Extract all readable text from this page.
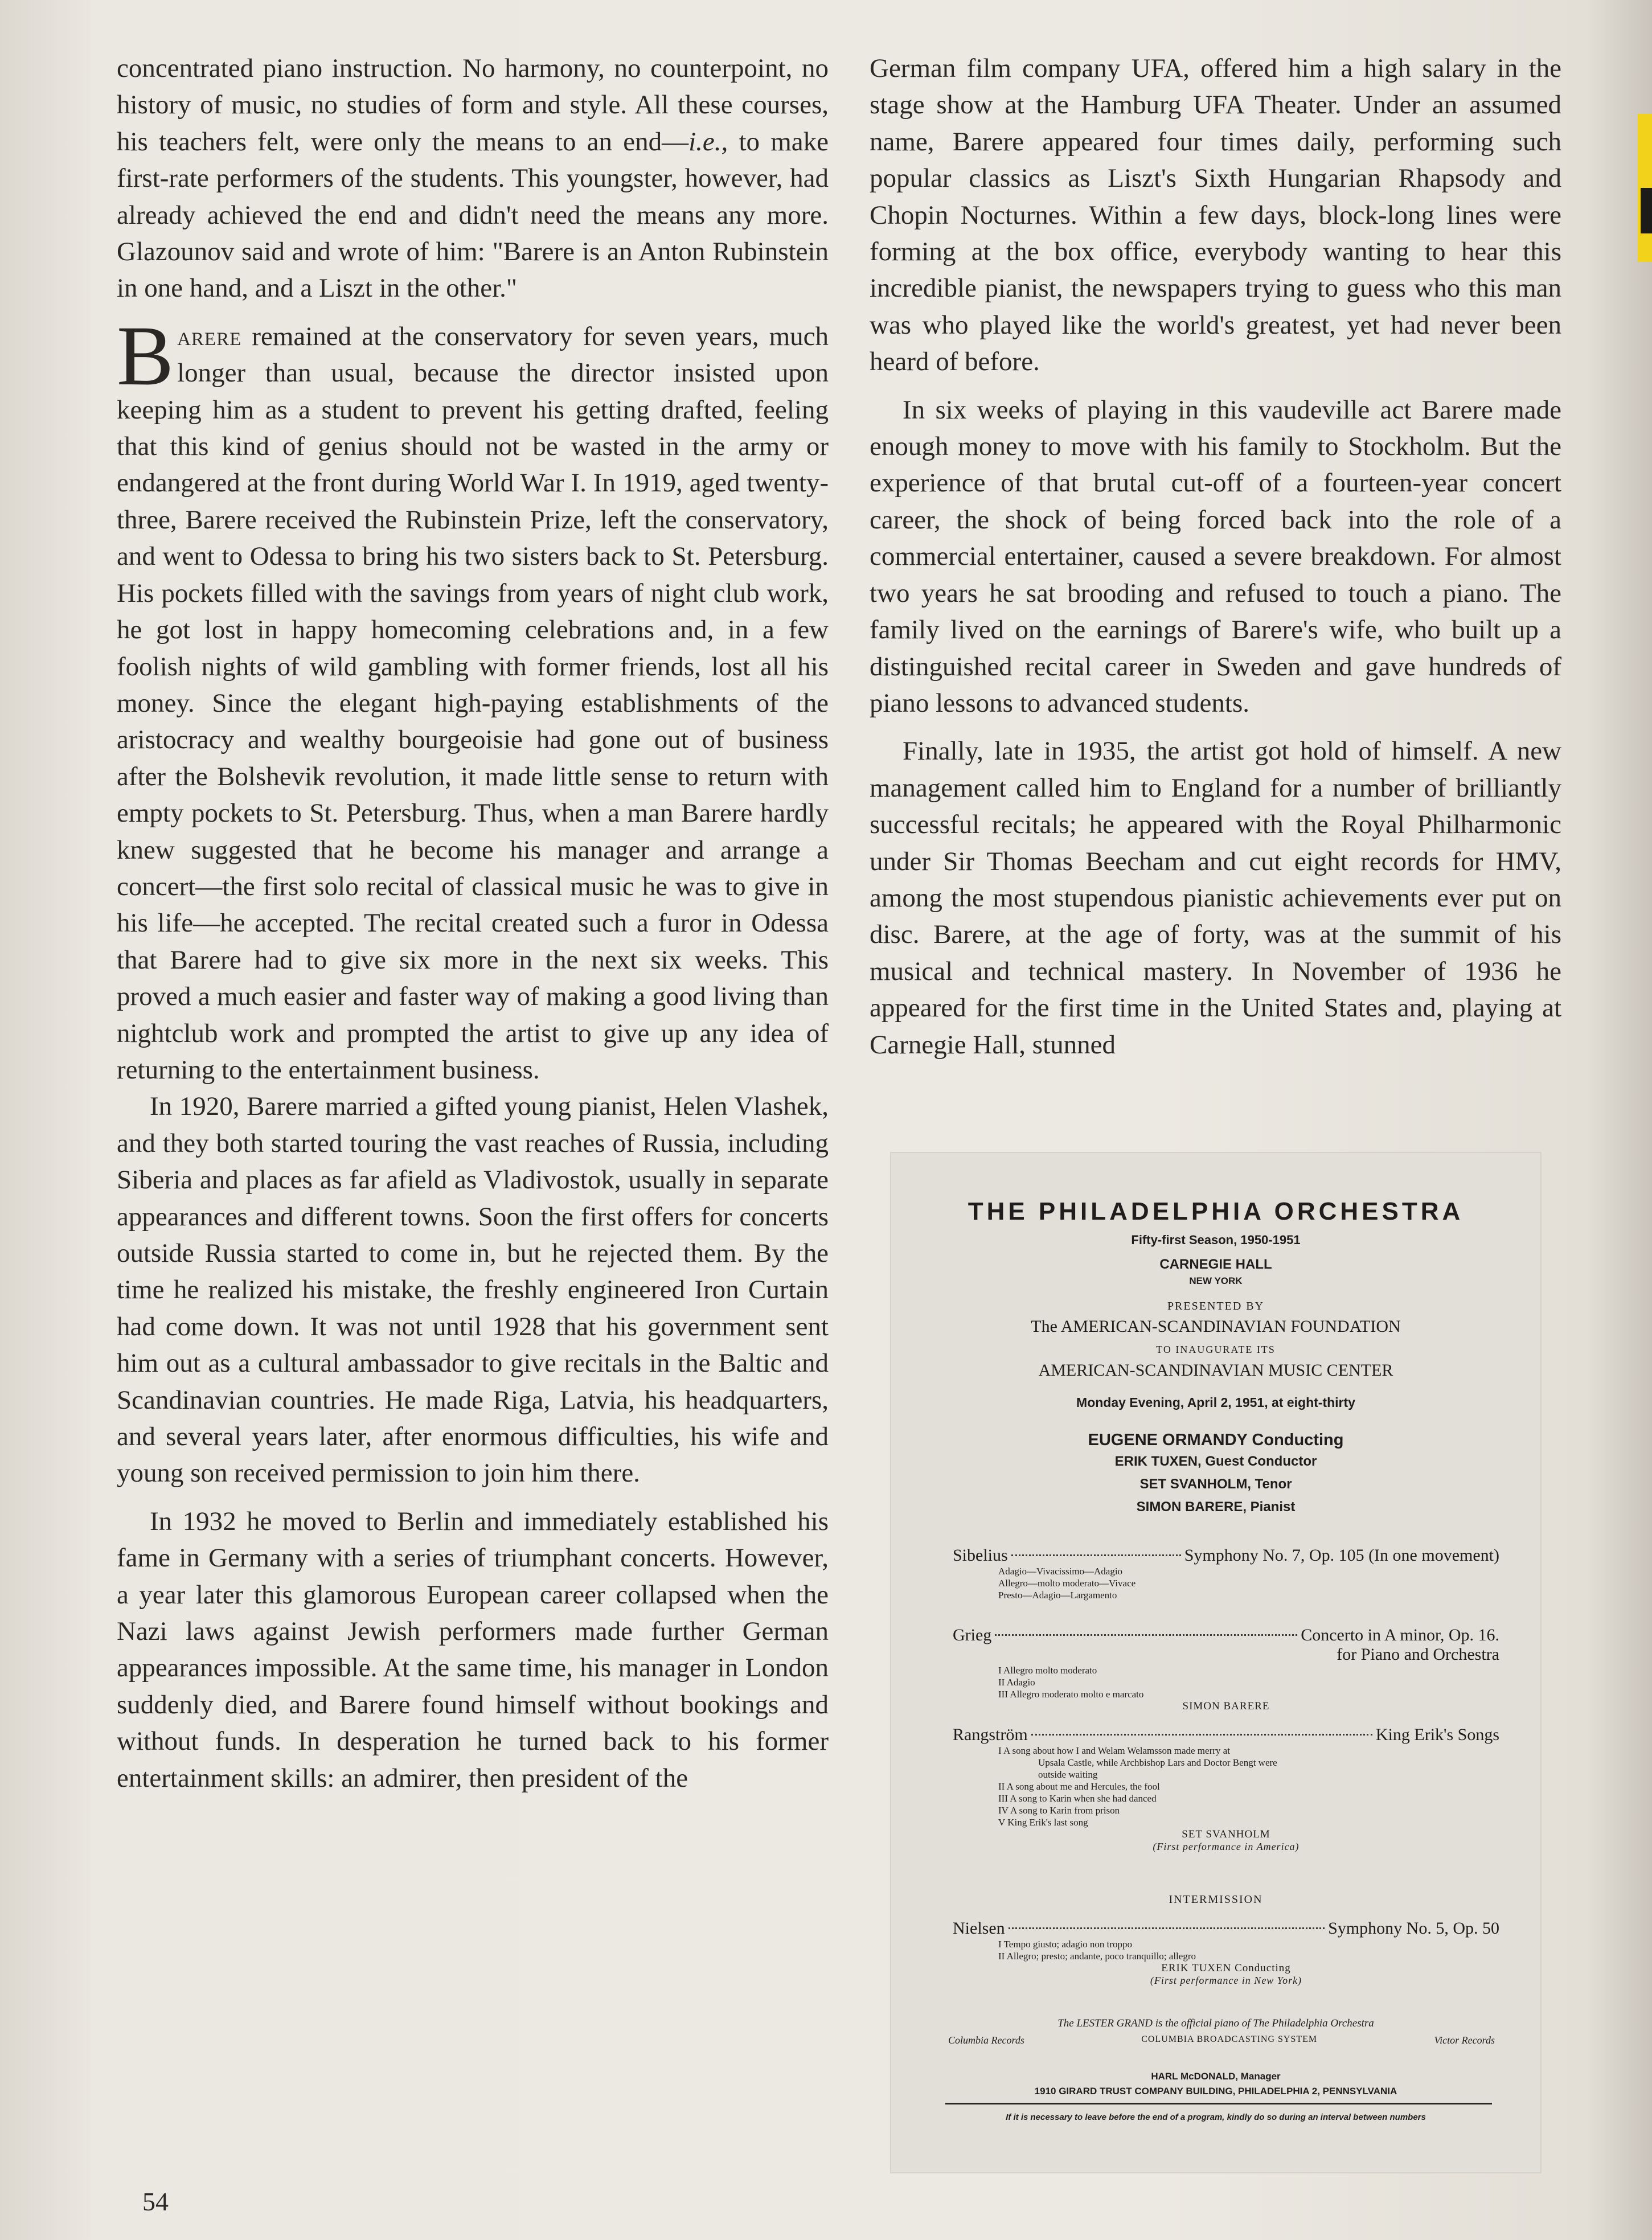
concentrated piano instruction. No harmony, no counterpoint, no history of music, no studies of form and style. All these courses, his teachers felt, were only the means to an end—i.e., to make first-rate performers of the students. This youngster, however, had already achieved the end and didn't need the means any more. Glazounov said and wrote of him: "Barere is an Anton Rubinstein in one hand, and a Liszt in the other."

Barere remained at the conservatory for seven years, much longer than usual, because the director insisted upon keeping him as a student to prevent his getting drafted, feeling that this kind of genius should not be wasted in the army or endangered at the front during World War I. In 1919, aged twenty-three, Barere received the Rubinstein Prize, left the conservatory, and went to Odessa to bring his two sisters back to St. Petersburg. His pockets filled with the savings from years of night club work, he got lost in happy homecoming celebrations and, in a few foolish nights of wild gambling with former friends, lost all his money. Since the elegant high-paying establishments of the aristocracy and wealthy bourgeoisie had gone out of business after the Bolshevik revolution, it made little sense to return with empty pockets to St. Petersburg. Thus, when a man Barere hardly knew suggested that he become his manager and arrange a concert—the first solo recital of classical music he was to give in his life—he accepted. The recital created such a furor in Odessa that Barere had to give six more in the next six weeks. This proved a much easier and faster way of making a good living than nightclub work and prompted the artist to give up any idea of returning to the entertainment business.

In 1920, Barere married a gifted young pianist, Helen Vlashek, and they both started touring the vast reaches of Russia, including Siberia and places as far afield as Vladivostok, usually in separate appearances and different towns. Soon the first offers for concerts outside Russia started to come in, but he rejected them. By the time he realized his mistake, the freshly engineered Iron Curtain had come down. It was not until 1928 that his government sent him out as a cultural ambassador to give recitals in the Baltic and Scandinavian countries. He made Riga, Latvia, his headquarters, and several years later, after enormous difficulties, his wife and young son received permission to join him there.

In 1932 he moved to Berlin and immediately established his fame in Germany with a series of triumphant concerts. However, a year later this glamorous European career collapsed when the Nazi laws against Jewish performers made further German appearances impossible. At the same time, his manager in London suddenly died, and Barere found himself without bookings and without funds. In desperation he turned back to his former entertainment skills: an admirer, then president of the

German film company UFA, offered him a high salary in the stage show at the Hamburg UFA Theater. Under an assumed name, Barere appeared four times daily, performing such popular classics as Liszt's Sixth Hungarian Rhapsody and Chopin Nocturnes. Within a few days, block-long lines were forming at the box office, everybody wanting to hear this incredible pianist, the newspapers trying to guess who this man was who played like the world's greatest, yet had never been heard of before.

In six weeks of playing in this vaudeville act Barere made enough money to move with his family to Stockholm. But the experience of that brutal cut-off of a fourteen-year concert career, the shock of being forced back into the role of a commercial entertainer, caused a severe breakdown. For almost two years he sat brooding and refused to touch a piano. The family lived on the earnings of Barere's wife, who built up a distinguished recital career in Sweden and gave hundreds of piano lessons to advanced students.

Finally, late in 1935, the artist got hold of himself. A new management called him to England for a number of brilliantly successful recitals; he appeared with the Royal Philharmonic under Sir Thomas Beecham and cut eight records for HMV, among the most stupendous pianistic achievements ever put on disc. Barere, at the age of forty, was at the summit of his musical and technical mastery. In November of 1936 he appeared for the first time in the United States and, playing at Carnegie Hall, stunned

54
THE PHILADELPHIA ORCHESTRA
Fifty-first Season, 1950-1951
CARNEGIE HALL
NEW YORK
PRESENTED BY
The AMERICAN-SCANDINAVIAN FOUNDATION
TO INAUGURATE ITS
AMERICAN-SCANDINAVIAN MUSIC CENTER
Monday Evening, April 2, 1951, at eight-thirty
EUGENE ORMANDY Conducting
ERIK TUXEN, Guest Conductor
SET SVANHOLM, Tenor
SIMON BARERE, Pianist
Sibelius	Symphony No. 7, Op. 105 (In one movement)
Adagio—Vivacissimo—Adagio
Allegro—molto moderato—Vivace
Presto—Adagio—Largamento
Grieg	Concerto in A minor, Op. 16.
for Piano and Orchestra
I Allegro molto moderato
II Adagio
III Allegro moderato molto e marcato
SIMON BARERE
Rangström	King Erik's Songs
I A song about how I and Welam Welamsson made merry at
Upsala Castle, while Archbishop Lars and Doctor Bengt were
outside waiting
II A song about me and Hercules, the fool
III A song to Karin when she had danced
IV A song to Karin from prison
V King Erik's last song
SET SVANHOLM
(First performance in America)
INTERMISSION
Nielsen	Symphony No. 5, Op. 50
I Tempo giusto; adagio non troppo
II Allegro; presto; andante, poco tranquillo; allegro
ERIK TUXEN Conducting
(First performance in New York)
The LESTER GRAND is the official piano of The Philadelphia Orchestra
Columbia Records	COLUMBIA BROADCASTING SYSTEM	Victor Records
HARL McDONALD, Manager
1910 GIRARD TRUST COMPANY BUILDING, PHILADELPHIA 2, PENNSYLVANIA
If it is necessary to leave before the end of a program, kindly do so during an interval between numbers
